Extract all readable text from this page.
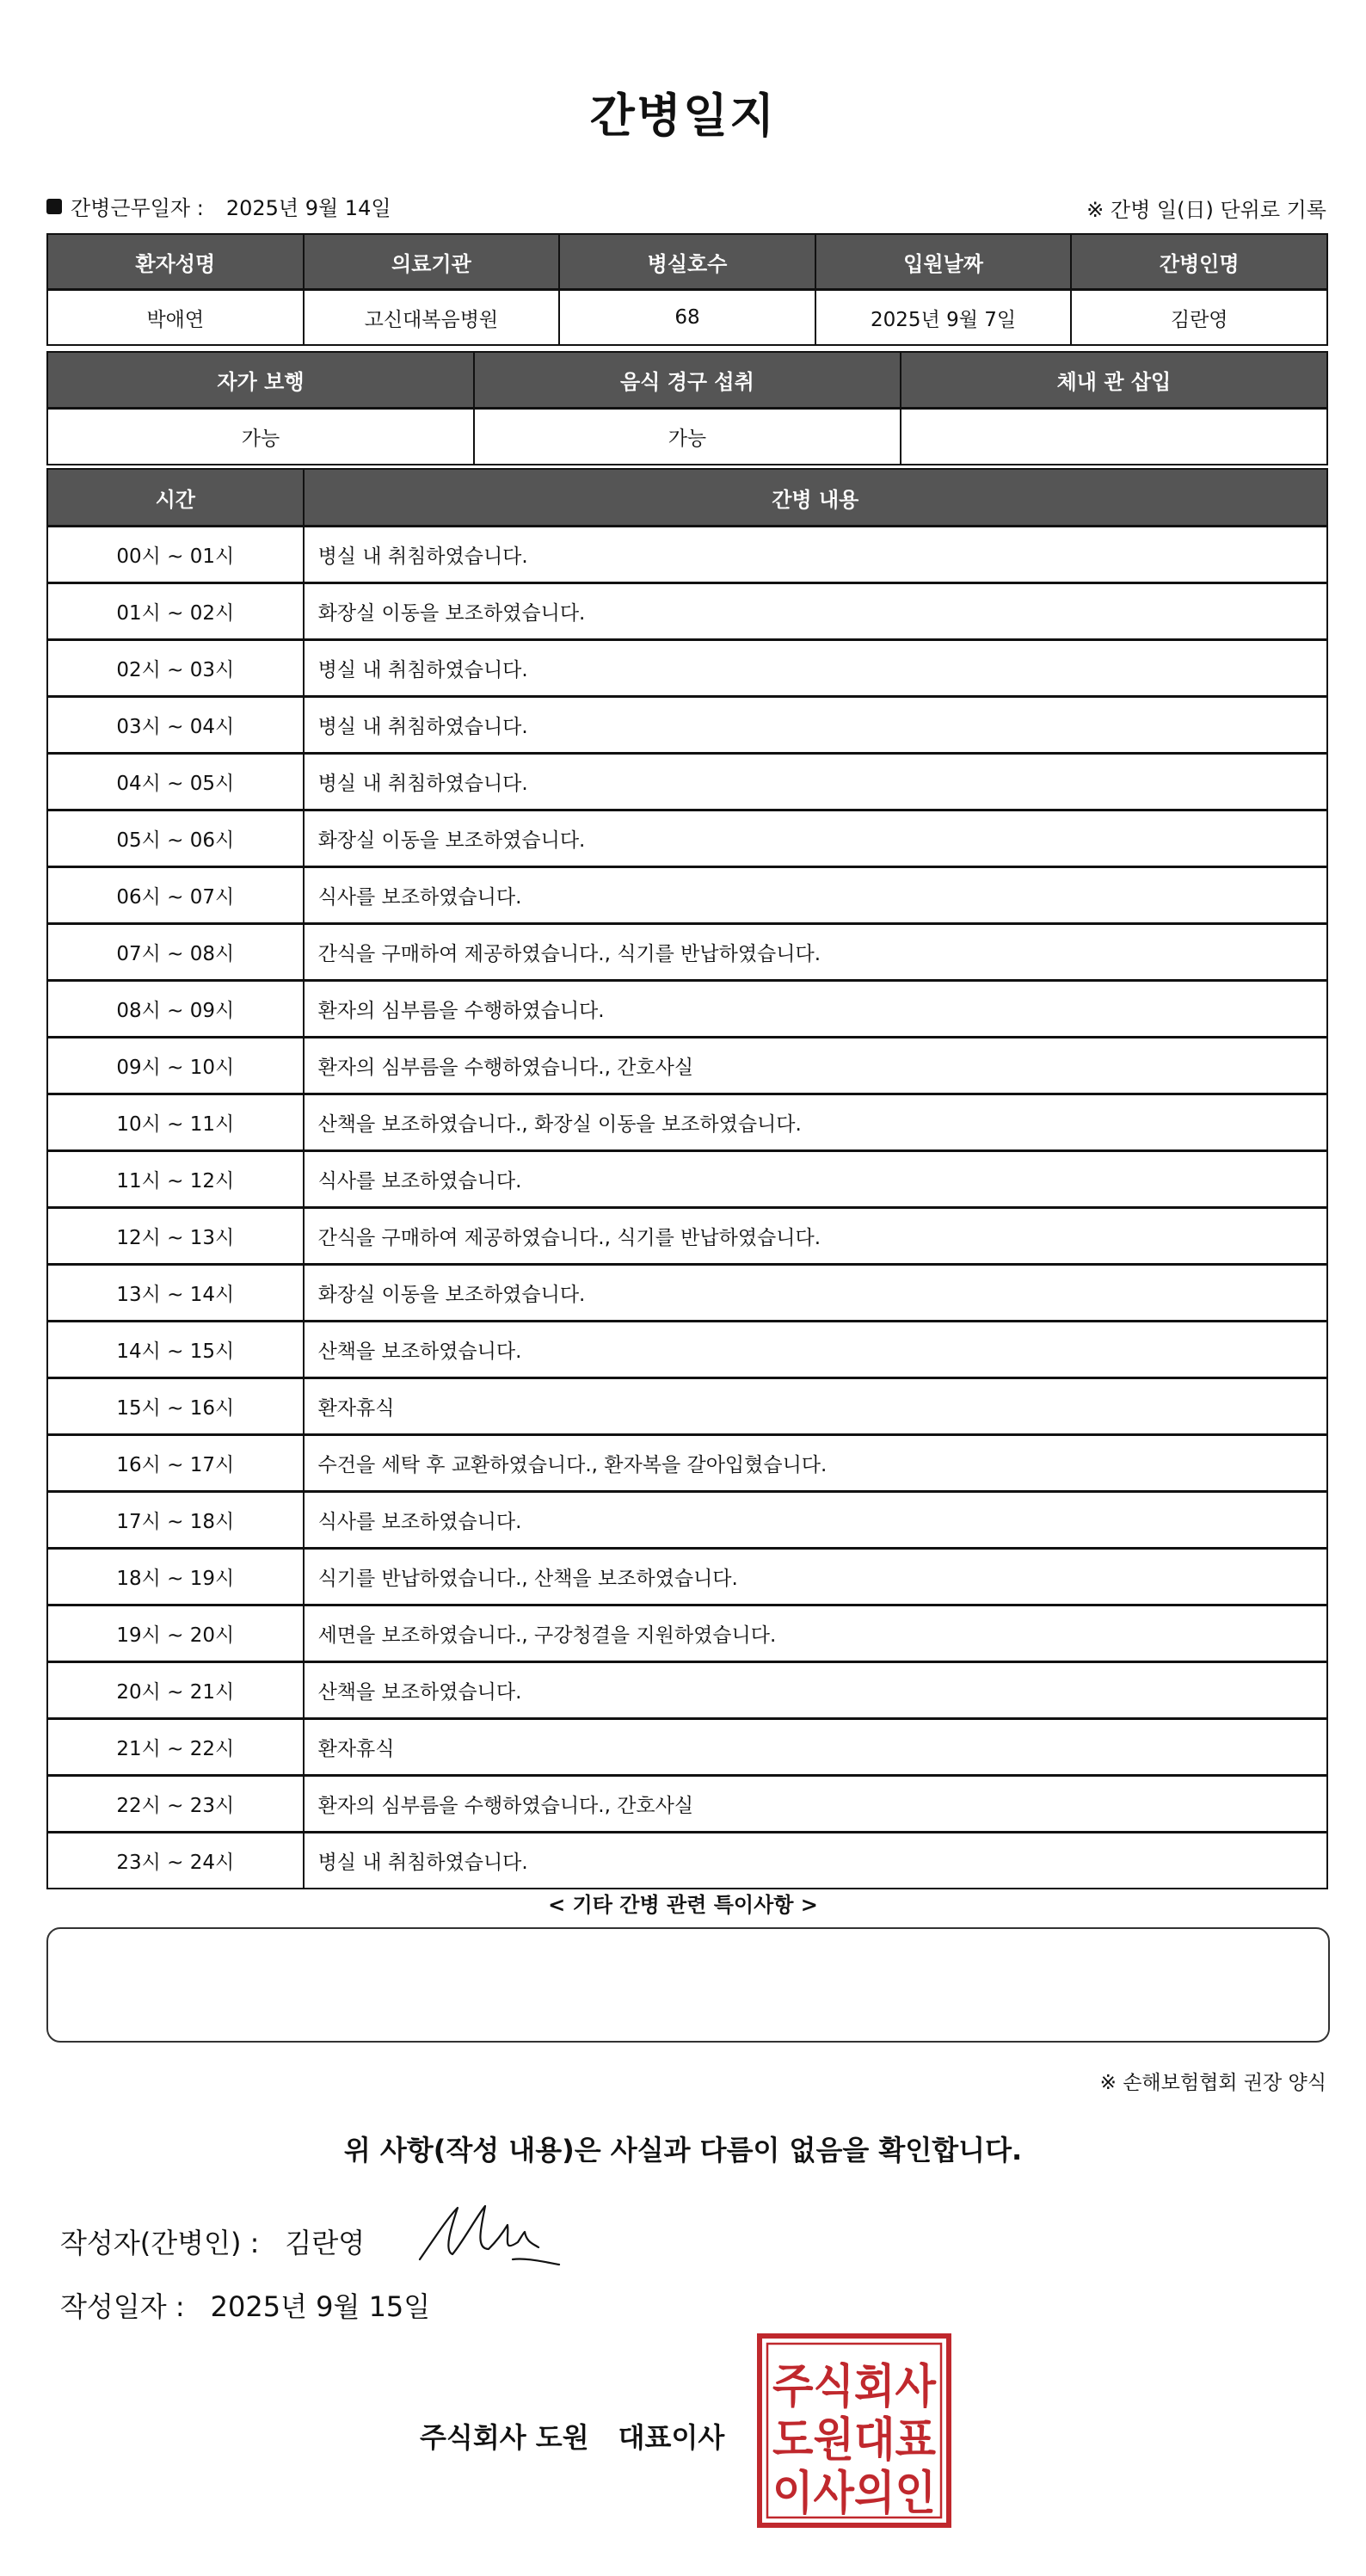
간병일지
간병근무일자 : 2025년 9월 14일	※ 간병 일(日) 단위로 기록
환자성명	의료기관	병실호수	입원날짜	간병인명
박애연	고신대복음병원	68	2025년 9월 7일	김란영
자가 보행	음식 경구 섭취	체내 관 삽입
가능	가능	
시간	간병 내용
00시 ~ 01시	병실 내 취침하였습니다.
01시 ~ 02시	화장실 이동을 보조하였습니다.
02시 ~ 03시	병실 내 취침하였습니다.
03시 ~ 04시	병실 내 취침하였습니다.
04시 ~ 05시	병실 내 취침하였습니다.
05시 ~ 06시	화장실 이동을 보조하였습니다.
06시 ~ 07시	식사를 보조하였습니다.
07시 ~ 08시	간식을 구매하여 제공하였습니다., 식기를 반납하였습니다.
08시 ~ 09시	환자의 심부름을 수행하였습니다.
09시 ~ 10시	환자의 심부름을 수행하였습니다., 간호사실
10시 ~ 11시	산책을 보조하였습니다., 화장실 이동을 보조하였습니다.
11시 ~ 12시	식사를 보조하였습니다.
12시 ~ 13시	간식을 구매하여 제공하였습니다., 식기를 반납하였습니다.
13시 ~ 14시	화장실 이동을 보조하였습니다.
14시 ~ 15시	산책을 보조하였습니다.
15시 ~ 16시	환자휴식
16시 ~ 17시	수건을 세탁 후 교환하였습니다., 환자복을 갈아입혔습니다.
17시 ~ 18시	식사를 보조하였습니다.
18시 ~ 19시	식기를 반납하였습니다., 산책을 보조하였습니다.
19시 ~ 20시	세면을 보조하였습니다., 구강청결을 지원하였습니다.
20시 ~ 21시	산책을 보조하였습니다.
21시 ~ 22시	환자휴식
22시 ~ 23시	환자의 심부름을 수행하였습니다., 간호사실
23시 ~ 24시	병실 내 취침하였습니다.
< 기타 간병 관련 특이사항 >
※ 손해보험협회 권장 양식
위 사항(작성 내용)은 사실과 다름이 없음을 확인합니다.
작성자(간병인) : 김란영
작성일자 : 2025년 9월 15일
주식회사 도원 대표이사
주식회사
도원대표
이사의인
